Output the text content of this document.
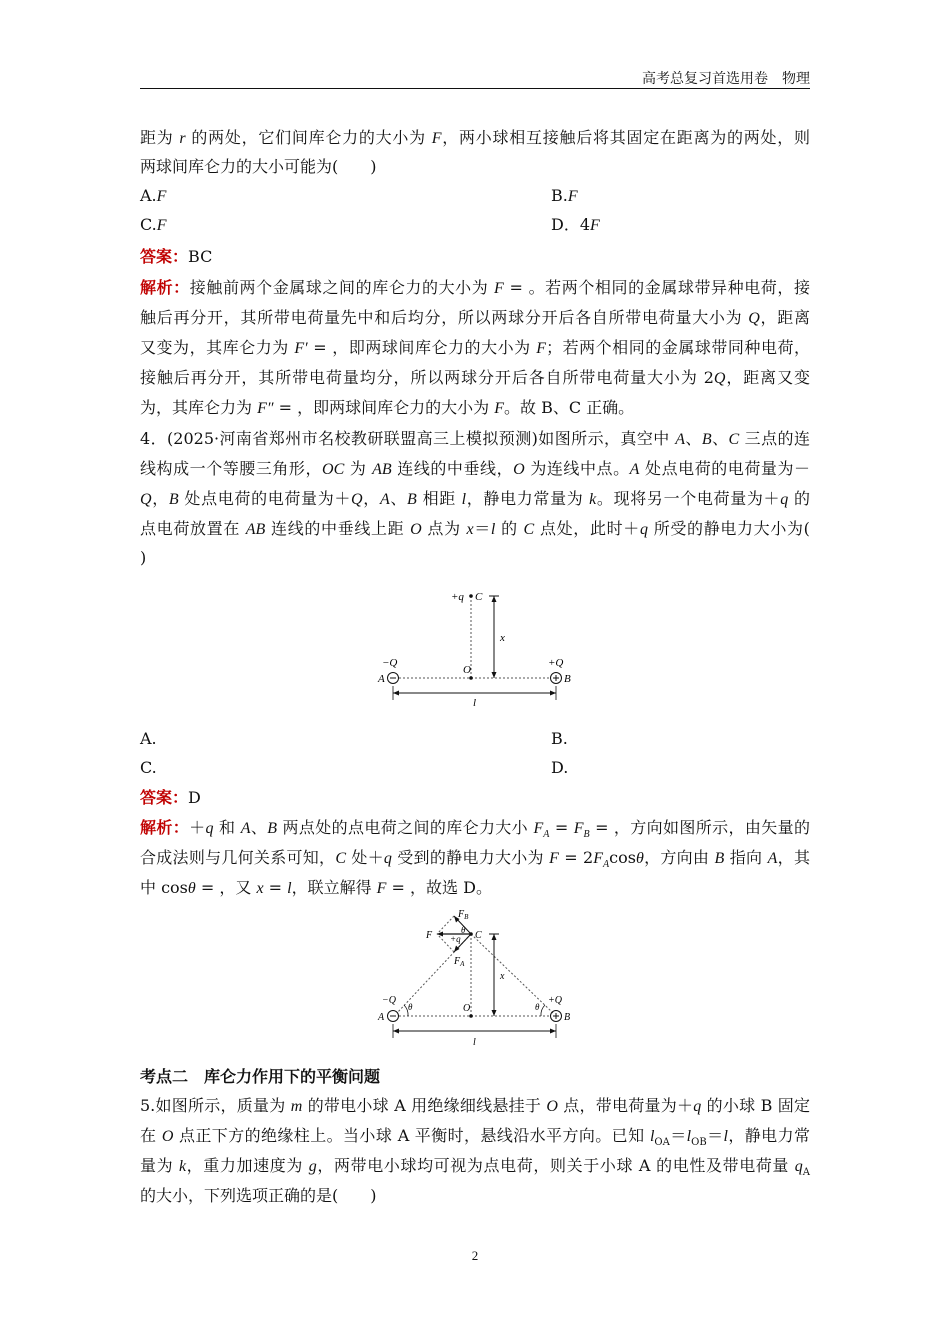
高考总复习首选用卷　物理
距为 r 的两处，它们间库仑力的大小为 F，两小球相互接触后将其固定在距离为的两处，则
两球间库仑力的大小可能为(　　)
A.F	B.F
C.F	D．4F
答案：BC
解析：接触前两个金属球之间的库仑力的大小为 F = 。若两个相同的金属球带异种电荷，接
触后再分开，其所带电荷量先中和后均分，所以两球分开后各自所带电荷量大小为 Q，距离
又变为，其库仑力为 F′ = ，即两球间库仑力的大小为 F；若两个相同的金属球带同种电荷，
接触后再分开，其所带电荷量均分，所以两球分开后各自所带电荷量大小为 2Q，距离又变
为，其库仑力为 F″ = ，即两球间库仑力的大小为 F。故 B、C 正确。
4．(2025·河南省郑州市名校教研联盟高三上模拟预测)如图所示，真空中 A、B、C 三点的连
线构成一个等腰三角形，OC 为 AB 连线的中垂线，O 为连线中点。A 处点电荷的电荷量为－
Q，B 处点电荷的电荷量为＋Q，A、B 相距 l，静电力常量为 k。现将另一个电荷量为＋q 的
点电荷放置在 AB 连线的中垂线上距 O 点为 x＝l 的 C 点处，此时＋q 所受的静电力大小为(
)
+q C
x
O
−Q	+Q
A	B
l
A.	B.
C.	D.
答案：D
解析：＋q 和 A、B 两点处的点电荷之间的库仑力大小 $F_A = F_B$ = ，方向如图所示，由矢量的
合成法则与几何关系可知，C 处＋q 受到的静电力大小为 $F = 2F_A\cos\theta$，方向由 B 指向 A，其
中 cosθ = ，又 x = l，联立解得 F = ，故选 D。
$F_B$
F	θ
+q C
$F_A$
x
−Q
θ	O	θ
+Q
A	B
l
考点二　库仑力作用下的平衡问题
5.如图所示，质量为 m 的带电小球 A 用绝缘细线悬挂于 O 点，带电荷量为＋q 的小球 B 固定
在 O 点正下方的绝缘柱上。当小球 A 平衡时，悬线沿水平方向。已知 $l_{OA}=l_{OB}=l$，静电力常
量为 k，重力加速度为 g，两带电小球均可视为点电荷，则关于小球 A 的电性及带电荷量 $q_A$
的大小，下列选项正确的是(　　)
2
